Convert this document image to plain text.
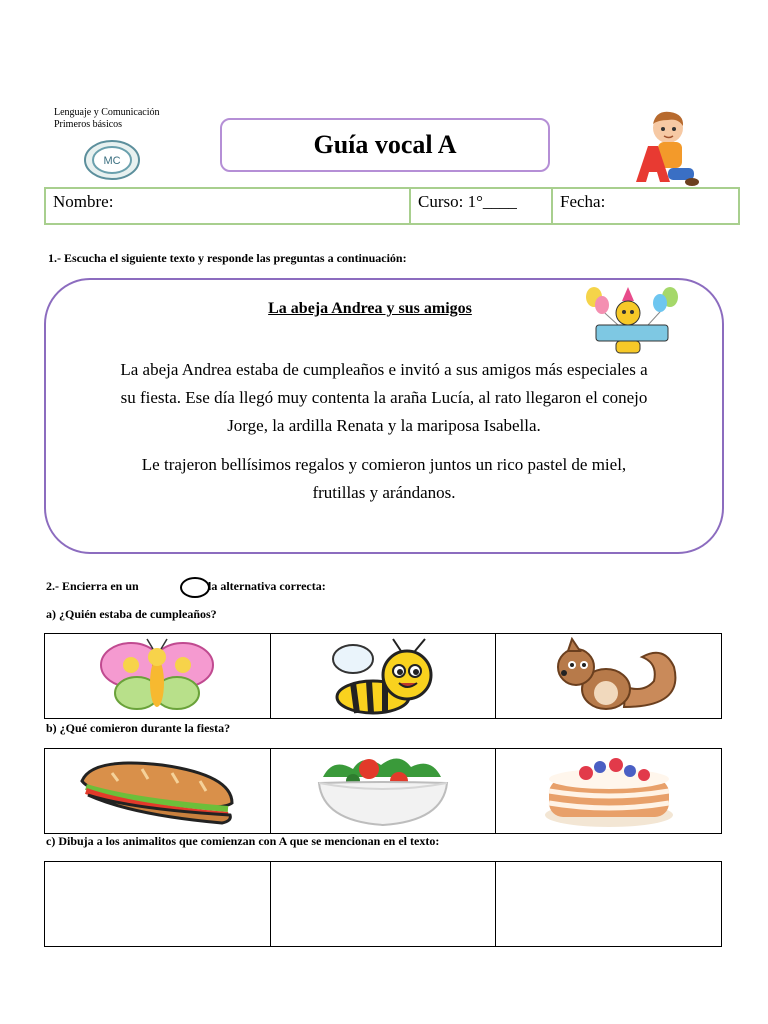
Lenguaje y Comunicación
Primeros básicos
MC
Guía vocal A
Nombre:	Curso: 1°____	Fecha:
1.- Escucha el siguiente texto y responde las preguntas a continuación:
La abeja Andrea y sus amigos
La abeja Andrea estaba de cumpleaños e invitó a sus amigos más especiales a
su fiesta. Ese día llegó muy contenta la araña Lucía, al rato llegaron el conejo
Jorge, la ardilla Renata y la mariposa Isabella.
Le trajeron bellísimos regalos y comieron juntos un rico pastel de miel,
frutillas y arándanos.
2.- Encierra en un	la alternativa correcta:
a) ¿Quién estaba de cumpleaños?
b) ¿Qué comieron durante la fiesta?
c) Dibuja a los animalitos que comienzan con A que se mencionan en el texto:
